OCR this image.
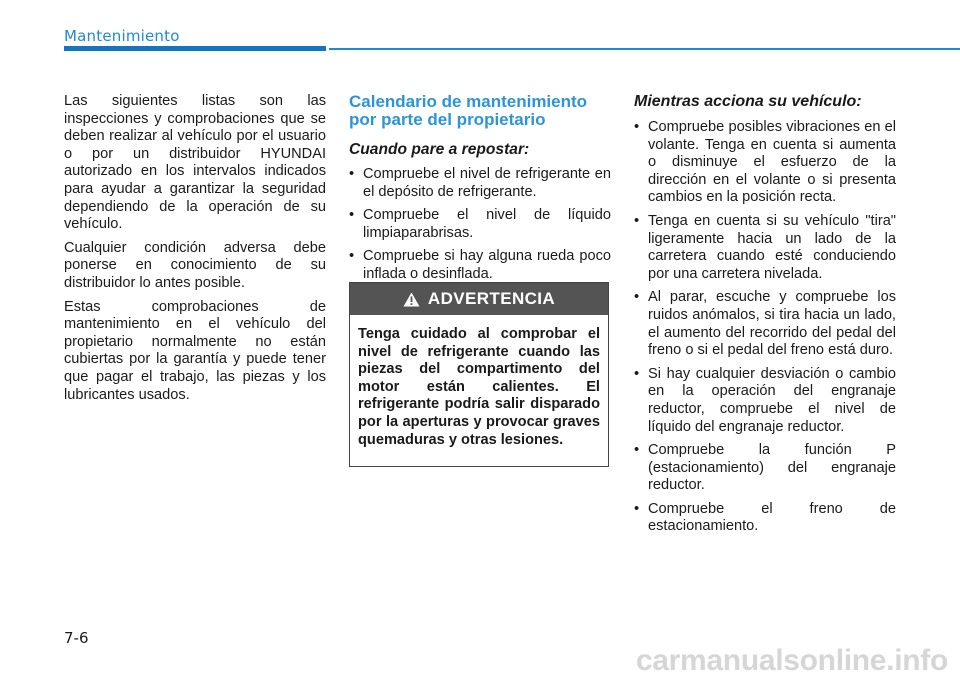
Mantenimiento

Las siguientes listas son las inspecciones y comprobaciones que se deben realizar al vehículo por el usuario o por un distribuidor HYUNDAI autorizado en los intervalos indicados para ayudar a garantizar la seguridad dependiendo de la operación de su vehículo.

Cualquier condición adversa debe ponerse en conocimiento de su distribuidor lo antes posible.

Estas comprobaciones de mantenimiento en el vehículo del propietario normalmente no están cubiertas por la garantía y puede tener que pagar el trabajo, las piezas y los lubricantes usados.

Calendario de mantenimiento por parte del propietario
Cuando pare a repostar:
• Compruebe el nivel de refrigerante en el depósito de refrigerante.
• Compruebe el nivel de líquido limpiaparabrisas.
• Compruebe si hay alguna rueda poco inflada o desinflada.
ADVERTENCIA
Tenga cuidado al comprobar el nivel de refrigerante cuando las piezas del compartimento del motor están calientes. El refrigerante podría salir disparado por la aperturas y provocar graves quemaduras y otras lesiones.
Mientras acciona su vehículo:
• Compruebe posibles vibraciones en el volante. Tenga en cuenta si aumenta o disminuye el esfuerzo de la dirección en el volante o si presenta cambios en la posición recta.
• Tenga en cuenta si su vehículo "tira" ligeramente hacia un lado de la carretera cuando esté conduciendo por una carretera nivelada.
• Al parar, escuche y compruebe los ruidos anómalos, si tira hacia un lado, el aumento del recorrido del pedal del freno o si el pedal del freno está duro.
• Si hay cualquier desviación o cambio en la operación del engranaje reductor, compruebe el nivel de líquido del engranaje reductor.
• Compruebe la función P (estacionamiento) del engranaje reductor.
• Compruebe el freno de estacionamiento.
7-6
carmanualsonline.info
